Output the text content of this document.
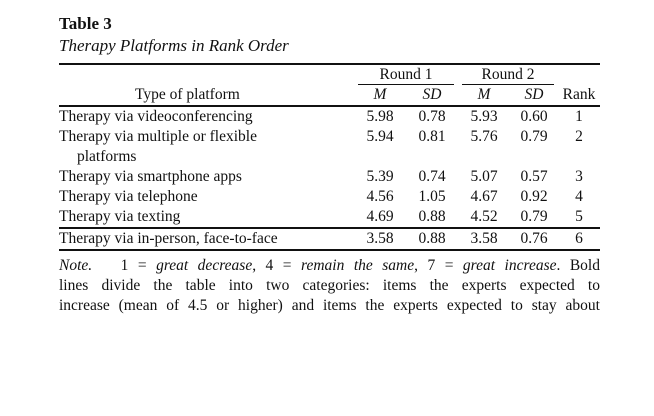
Table 3

Therapy Platforms in Rank Order

	Round 1		Round 2	

Type of platform	M	SD	M	SD	Rank

Therapy via videoconferencing	5.98	0.78	5.93	0.60	1
Therapy via multiple or flexible
platforms	5.94	0.81	5.76	0.79	2
Therapy via smartphone apps	5.39	0.74	5.07	0.57	3
Therapy via telephone	4.56	1.05	4.67	0.92	4
Therapy via texting	4.69	0.88	4.52	0.79	5

Therapy via in-person, face-to-face	3.58	0.88	3.58	0.76	6
Note. 1 = great decrease, 4 = remain the same, 7 = great increase. Bold
lines divide the table into two categories: items the experts expected to
increase (mean of 4.5 or higher) and items the experts expected to stay about
